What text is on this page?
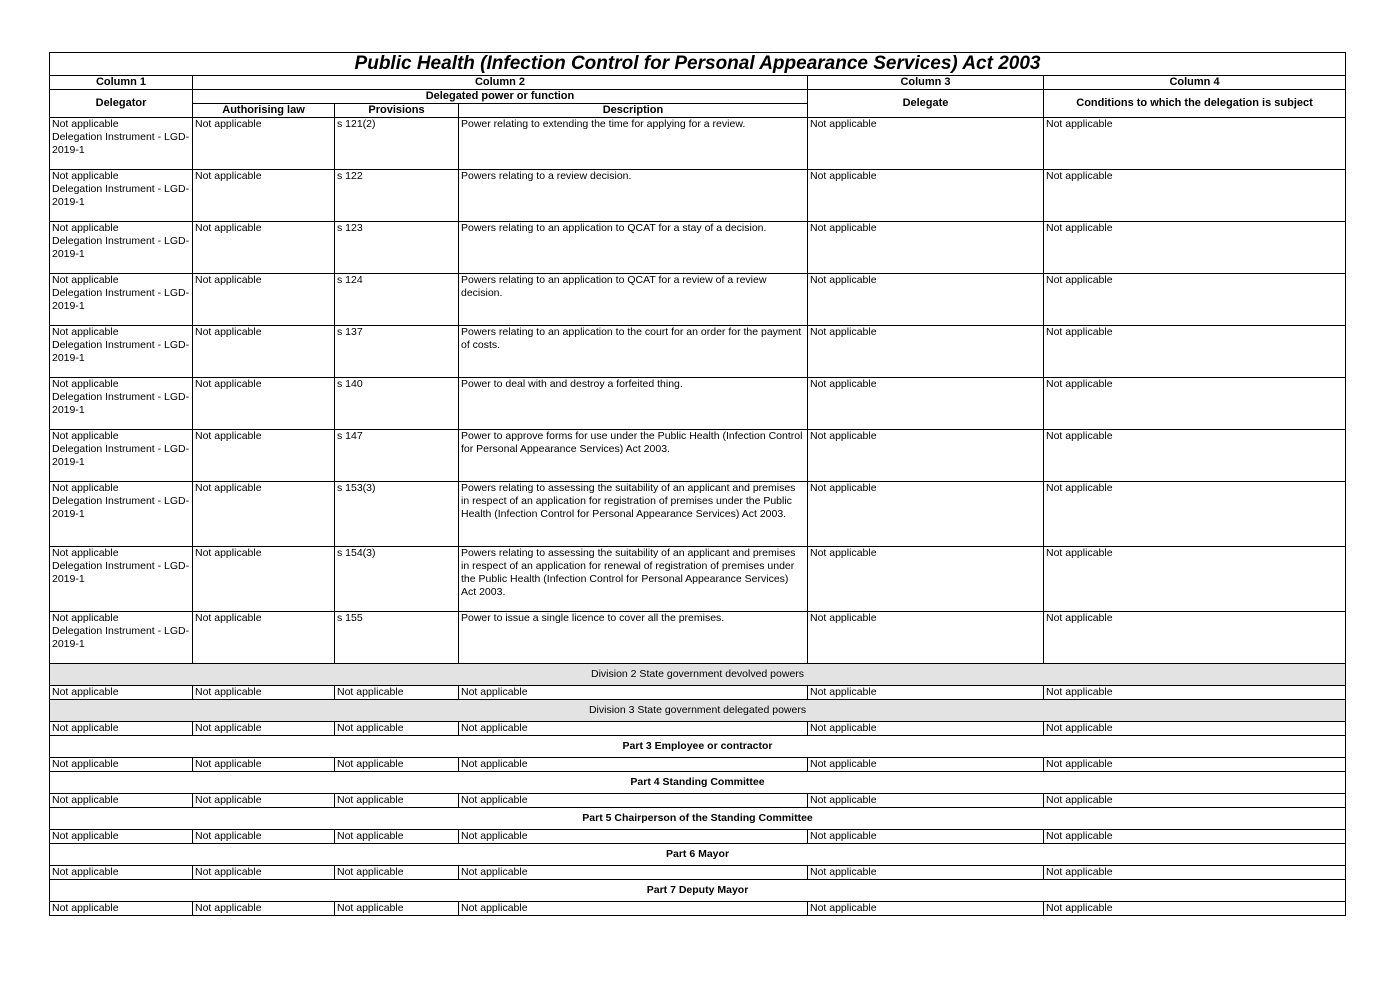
Public Health (Infection Control for Personal Appearance Services) Act 2003					
Column 1	Column 2			Column 3	Column 4
Delegator	Delegated power or function			Delegate	Conditions to which the delegation is subject
	Authorising law	Provisions	Description		

Not applicable
Delegation Instrument - LGD-2019-1	Not applicable	s 121(2)	Power relating to extending the time for applying for a review.	Not applicable	Not applicable

Not applicable
Delegation Instrument - LGD-2019-1	Not applicable	s 122	Powers relating to a review decision.	Not applicable	Not applicable

Not applicable
Delegation Instrument - LGD-2019-1	Not applicable	s 123	Powers relating to an application to QCAT for a stay of a decision.	Not applicable	Not applicable

Not applicable
Delegation Instrument - LGD-2019-1	Not applicable	s 124	Powers relating to an application to QCAT for a review of a review decision.	Not applicable	Not applicable

Not applicable
Delegation Instrument - LGD-2019-1	Not applicable	s 137	Powers relating to an application to the court for an order for the payment of costs.	Not applicable	Not applicable

Not applicable
Delegation Instrument - LGD-2019-1	Not applicable	s 140	Power to deal with and destroy a forfeited thing.	Not applicable	Not applicable

Not applicable
Delegation Instrument - LGD-2019-1	Not applicable	s 147	Power to approve forms for use under the Public Health (Infection Control for Personal Appearance Services) Act 2003.	Not applicable	Not applicable

Not applicable
Delegation Instrument - LGD-2019-1	Not applicable	s 153(3)	Powers relating to assessing the suitability of an applicant and premises in respect of an application for registration of premises under the Public Health (Infection Control for Personal Appearance Services) Act 2003.	Not applicable	Not applicable

Not applicable
Delegation Instrument - LGD-2019-1	Not applicable	s 154(3)	Powers relating to assessing the suitability of an applicant and premises in respect of an application for renewal of registration of premises under the Public Health (Infection Control for Personal Appearance Services) Act 2003.	Not applicable	Not applicable

Not applicable
Delegation Instrument - LGD-2019-1	Not applicable	s 155	Power to issue a single licence to cover all the premises.	Not applicable	Not applicable
Division 2 State government devolved powers					
Not applicable	Not applicable	Not applicable	Not applicable	Not applicable	Not applicable
Division 3 State government delegated powers					
Not applicable	Not applicable	Not applicable	Not applicable	Not applicable	Not applicable
Part 3 Employee or contractor					
Not applicable	Not applicable	Not applicable	Not applicable	Not applicable	Not applicable
Part 4 Standing Committee					
Not applicable	Not applicable	Not applicable	Not applicable	Not applicable	Not applicable
Part 5 Chairperson of the Standing Committee					
Not applicable	Not applicable	Not applicable	Not applicable	Not applicable	Not applicable
Part 6 Mayor					
Not applicable	Not applicable	Not applicable	Not applicable	Not applicable	Not applicable
Part 7 Deputy Mayor					
Not applicable	Not applicable	Not applicable	Not applicable	Not applicable	Not applicable
